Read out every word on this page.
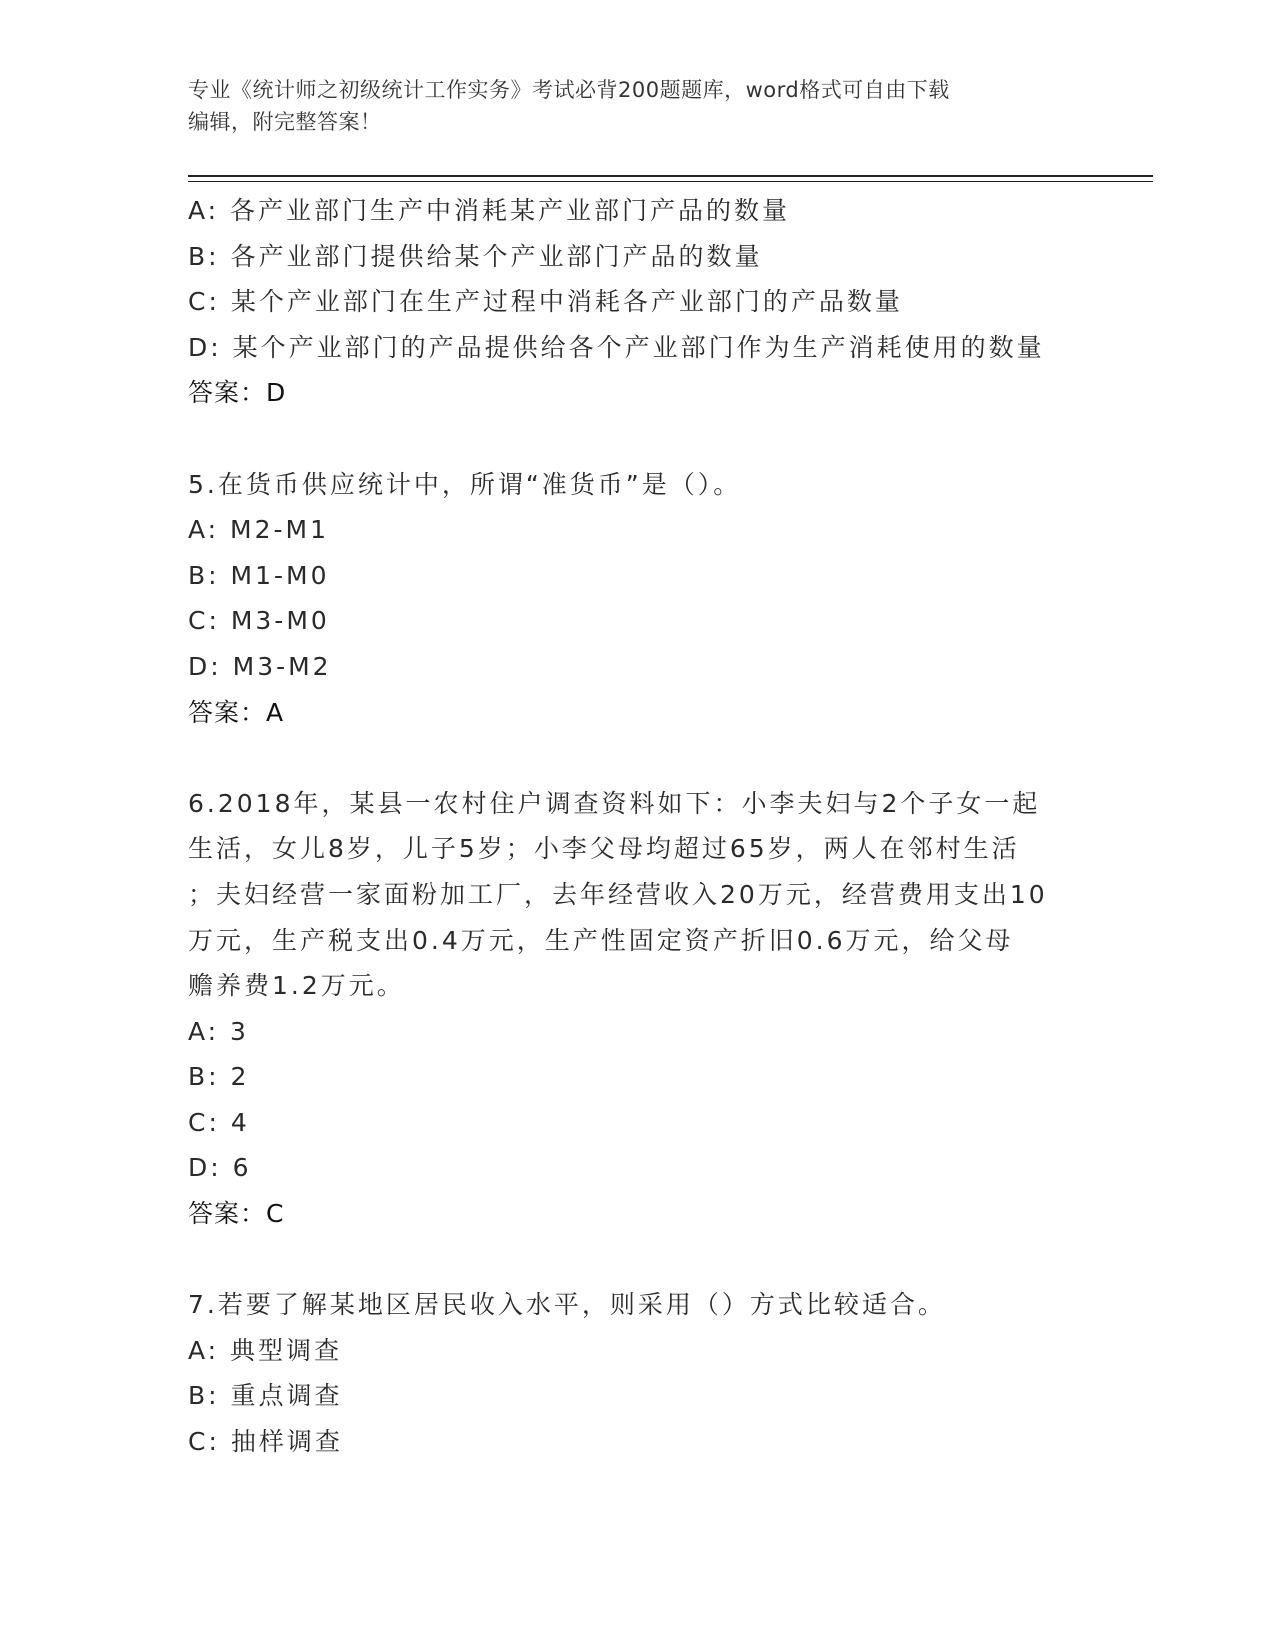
专业《统计师之初级统计工作实务》考试必背200题题库，word格式可自由下载
编辑，附完整答案！
A: 各产业部门生产中消耗某产业部门产品的数量
B: 各产业部门提供给某个产业部门产品的数量
C: 某个产业部门在生产过程中消耗各产业部门的产品数量
D: 某个产业部门的产品提供给各个产业部门作为生产消耗使用的数量
答案：D
5.在货币供应统计中，所谓“准货币”是（）。
A: M2-M1
B: M1-M0
C: M3-M0
D: M3-M2
答案：A
6.2018年，某县一农村住户调查资料如下：小李夫妇与2个子女一起
生活，女儿8岁，儿子5岁；小李父母均超过65岁，两人在邻村生活
；夫妇经营一家面粉加工厂，去年经营收入20万元，经营费用支出10
万元，生产税支出0.4万元，生产性固定资产折旧0.6万元，给父母
赡养费1.2万元。
A: 3
B: 2
C: 4
D: 6
答案：C
7.若要了解某地区居民收入水平，则采用（）方式比较适合。
A: 典型调查
B: 重点调查
C: 抽样调查
